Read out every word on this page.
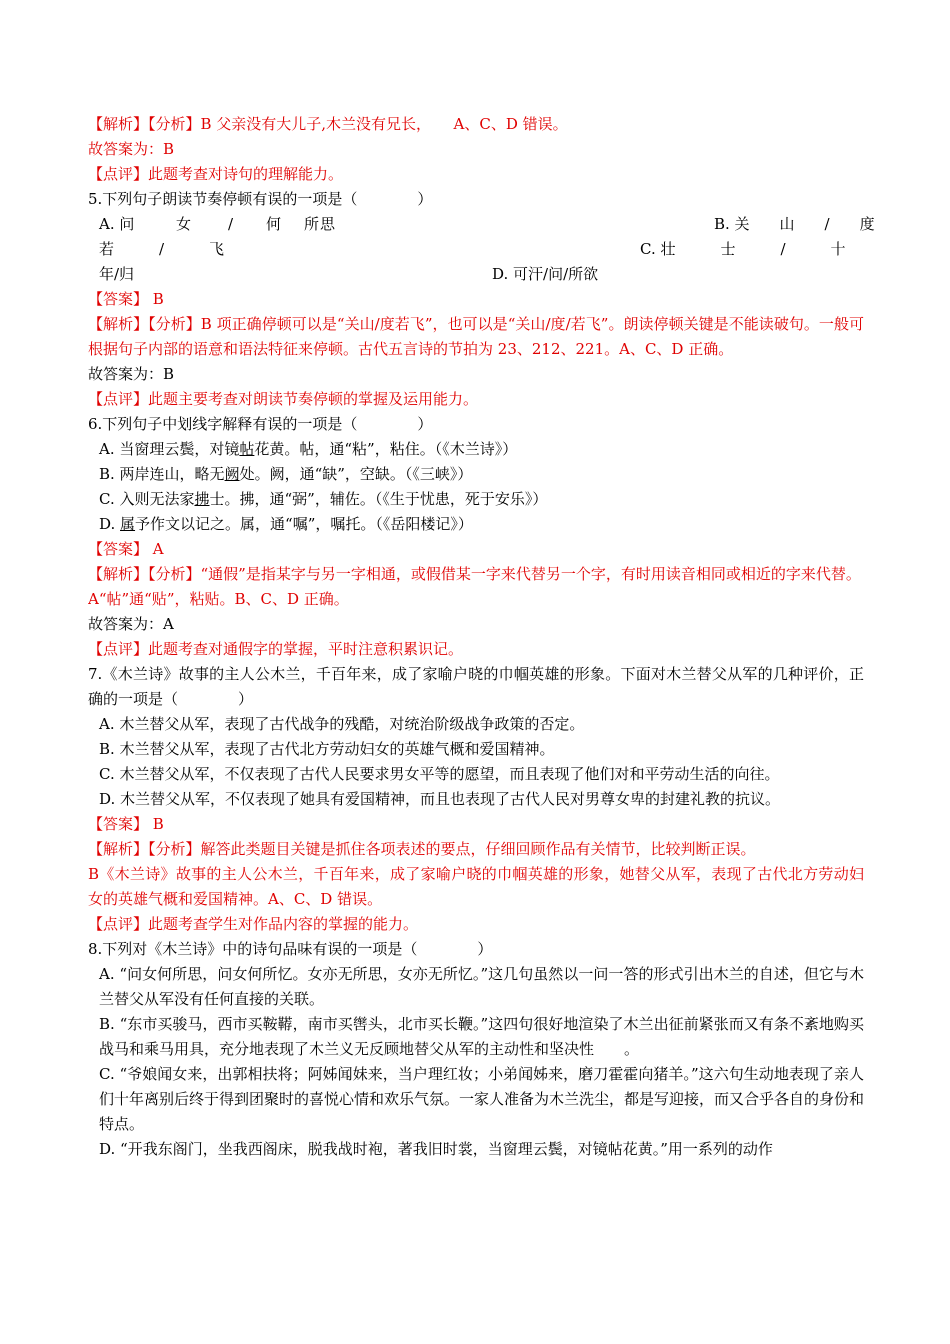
【解析】【分析】B 父亲没有大儿子,木兰没有兄长，　　A、C、D 错误。
故答案为：B
【点评】此题考查对诗句的理解能力。
5.下列句子朗读节奏停顿有误的一项是（　　　　）
A. 问	女 / 何 所 思	B. 关　　山　　/　　度
若　　　/　　　飞	C. 壮　　　士　　　/　　　十
年/归	D. 可汗/问/所欲
【答案】 B
【解析】【分析】B 项正确停顿可以是“关山/度若飞”，也可以是“关山/度/若飞”。朗读停顿关键是不能读破句。一般可根据句子内部的语意和语法特征来停顿。古代五言诗的节拍为 23、212、221。A、C、D 正确。
故答案为：B
【点评】此题主要考查对朗读节奏停顿的掌握及运用能力。
6.下列句子中划线字解释有误的一项是（　　　　）
A. 当窗理云鬓，对镜帖花黄。帖，通“粘”，粘住。（《木兰诗》）
B. 两岸连山，略无阙处。阙，通“缺”，空缺。（《三峡》）
C. 入则无法家拂士。拂，通“弼”，辅佐。（《生于忧患，死于安乐》）
D. 属予作文以记之。属，通“嘱”，嘱托。（《岳阳楼记》）
【答案】 A
【解析】【分析】“通假”是指某字与另一字相通，或假借某一字来代替另一个字，有时用读音相同或相近的字来代替。
A“帖”通“贴”，粘贴。B、C、D 正确。
故答案为：A
【点评】此题考查对通假字的掌握，平时注意积累识记。
7.《木兰诗》故事的主人公木兰，千百年来，成了家喻户晓的巾帼英雄的形象。下面对木兰替父从军的几种评价，正确的一项是（　　　　）
A. 木兰替父从军，表现了古代战争的残酷，对统治阶级战争政策的否定。
B. 木兰替父从军，表现了古代北方劳动妇女的英雄气概和爱国精神。
C. 木兰替父从军，不仅表现了古代人民要求男女平等的愿望，而且表现了他们对和平劳动生活的向往。
D. 木兰替父从军，不仅表现了她具有爱国精神，而且也表现了古代人民对男尊女卑的封建礼教的抗议。
【答案】 B
【解析】【分析】解答此类题目关键是抓住各项表述的要点，仔细回顾作品有关情节，比较判断正误。
B《木兰诗》故事的主人公木兰，千百年来，成了家喻户晓的巾帼英雄的形象，她替父从军，表现了古代北方劳动妇女的英雄气概和爱国精神。A、C、D 错误。
【点评】此题考查学生对作品内容的掌握的能力。
8.下列对《木兰诗》中的诗句品味有误的一项是（　　　　）
A. “问女何所思，问女何所忆。女亦无所思，女亦无所忆。”这几句虽然以一问一答的形式引出木兰的自述，但它与木兰替父从军没有任何直接的关联。
B. “东市买骏马，西市买鞍鞯，南市买辔头，北市买长鞭。”这四句很好地渲染了木兰出征前紧张而又有条不紊地购买战马和乘马用具，充分地表现了木兰义无反顾地替父从军的主动性和坚决性　　。
C. “爷娘闻女来，出郭相扶将；阿姊闻妹来，当户理红妆；小弟闻姊来，磨刀霍霍向猪羊。”这六句生动地表现了亲人们十年离别后终于得到团聚时的喜悦心情和欢乐气氛。一家人准备为木兰洗尘，都是写迎接，而又合乎各自的身份和特点。
D. “开我东阁门，坐我西阁床，脱我战时袍，著我旧时裳，当窗理云鬓，对镜帖花黄。”用一系列的动作
